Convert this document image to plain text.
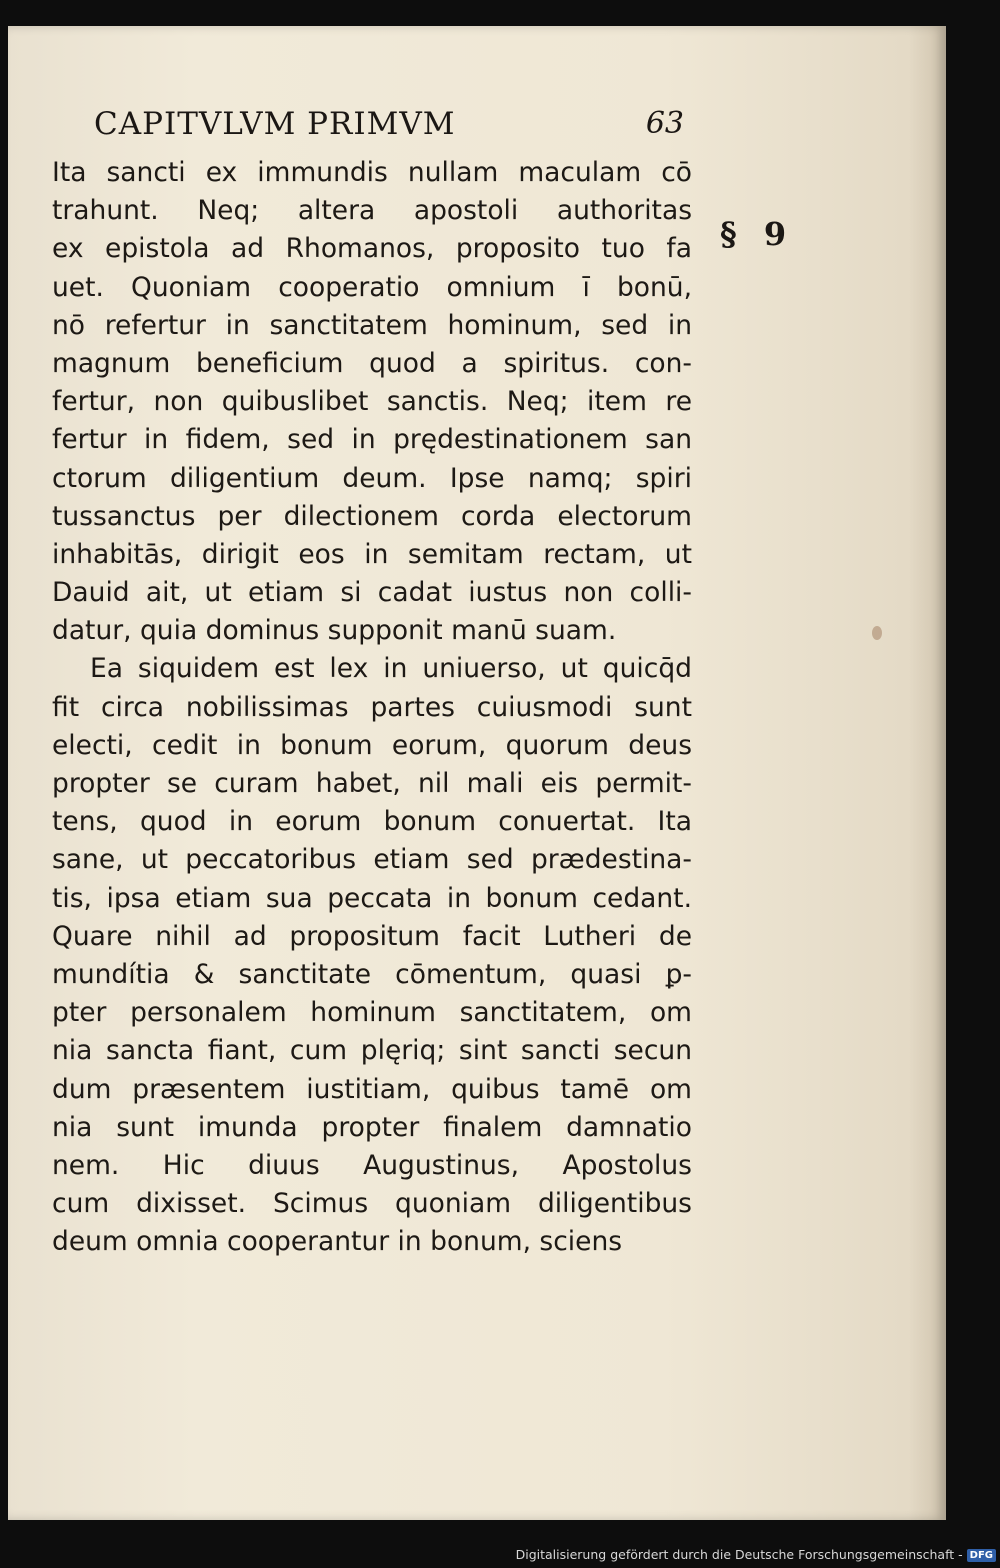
CAPITVLVM PRIMVM	63
§ 9
Ita sancti ex immundis nullam maculam cō
trahunt. Neq; altera apostoli authoritas
ex epistola ad Rhomanos, proposito tuo fa
uet. Quoniam cooperatio omnium ī bonū,
nō refertur in sanctitatem hominum, sed in
magnum beneficium quod a spiritus. con-
fertur, non quibuslibet sanctis. Neq; item re
fertur in fidem, sed in prędestinationem san
ctorum diligentium deum. Ipse namq; spiri
tussanctus per dilectionem corda electorum
inhabitās, dirigit eos in semitam rectam, ut
Dauid ait, ut etiam si cadat iustus non colli-
datur, quia dominus supponit manū suam.
Ea siquidem est lex in uniuerso, ut quicq̄d
fit circa nobilissimas partes cuiusmodi sunt
electi, cedit in bonum eorum, quorum deus
propter se curam habet, nil mali eis permit-
tens, quod in eorum bonum conuertat. Ita
sane, ut peccatoribus etiam sed prædestina-
tis, ipsa etiam sua peccata in bonum cedant.
Quare nihil ad propositum facit Lutheri de
mundítia & sanctitate cōmentum, quasi ꝑ-
pter personalem hominum sanctitatem, om
nia sancta fiant, cum plęriq; sint sancti secun
dum præsentem iustitiam, quibus tamē om
nia sunt imunda propter finalem damnatio
nem. Hic diuus Augustinus, Apostolus
cum dixisset. Scimus quoniam diligentibus
deum omnia cooperantur in bonum, sciens
Digitalisierung gefördert durch die Deutsche Forschungsgemeinschaft - DFG
